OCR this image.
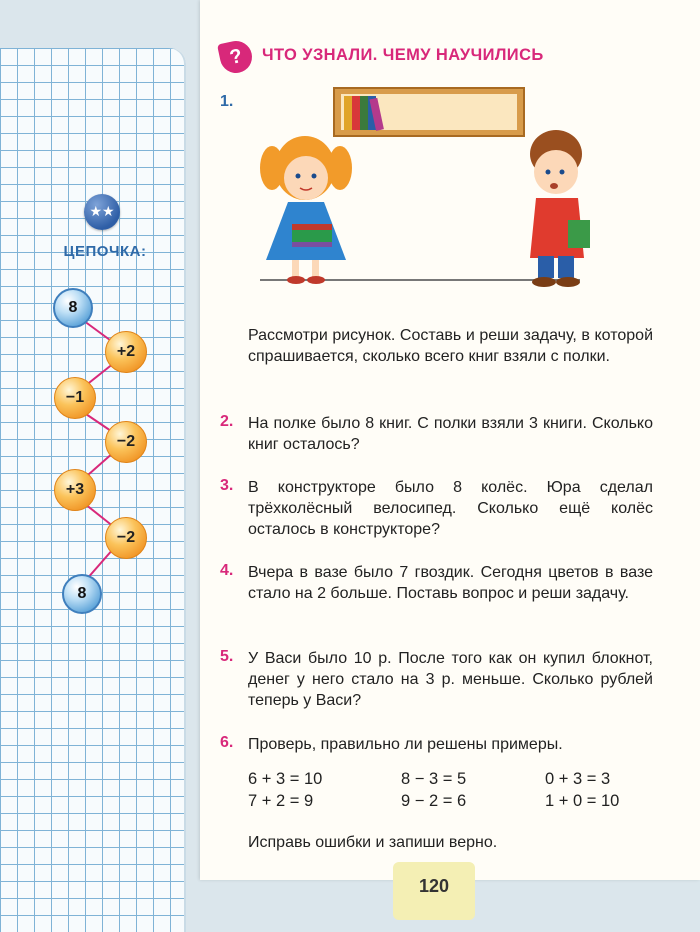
★★
ЦЕПОЧКА:
8
+2
−1
−2
+3
−2
8
?	ЧТО УЗНАЛИ. ЧЕМУ НАУЧИЛИСЬ
1.
Рассмотри рисунок. Составь и реши задачу, в которой спрашивается, сколько всего книг взяли с полки.
2. На полке было 8 книг. С полки взяли 3 книги. Сколько книг осталось?
3. В конструкторе было 8 колёс. Юра сделал трёхколёсный велосипед. Сколько ещё колёс осталось в конструкторе?
4. Вчера в вазе было 7 гвоздик. Сегодня цветов в вазе стало на 2 больше. Поставь вопрос и реши задачу.
5. У Васи было 10 р. После того как он купил блокнот, денег у него стало на 3 р. меньше. Сколько рублей теперь у Васи?
6. Проверь, правильно ли решены примеры.
6 + 3 = 10	8 − 3 = 5	0 + 3 = 3
7 + 2 = 9	9 − 2 = 6	1 + 0 = 10
Исправь ошибки и запиши верно.
120
